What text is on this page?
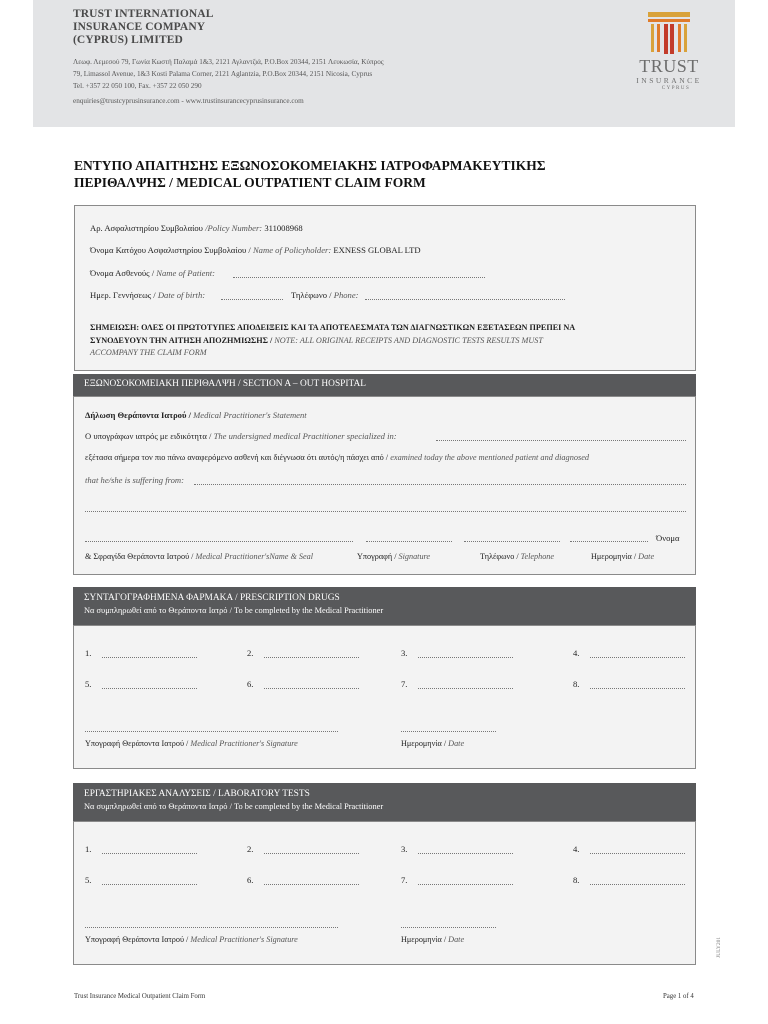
TRUST INTERNATIONAL
INSURANCE COMPANY
(CYPRUS) LIMITED
Λεωφ. Λεμεσού 79, Γωνία Κωστή Παλαμά 1&3, 2121 Αγλαντζιά, P.O.Box 20344, 2151 Λευκωσία, Κύπρος
79, Limassol Avenue, 1&3 Kosti Palama Corner, 2121 Aglantzia, P.O.Box 20344, 2151 Nicosia, Cyprus
Tel. +357 22 050 100, Fax. +357 22 050 290
enquiries@trustcyprusinsurance.com - www.trustinsurancecyprusinsurance.com
TRUST
INSURANCE
CYPRUS
ΕΝΤΥΠΟ ΑΠΑΙΤΗΣΗΣ ΕΞΩΝΟΣΟΚΟΜΕΙΑΚΗΣ ΙΑΤΡΟΦΑΡΜΑΚΕΥΤΙΚΗΣ
ΠΕΡΙΘΑΛΨΗΣ / MEDICAL OUTPATIENT CLAIM FORM
Αρ. Ασφαλιστηρίου Συμβολαίου /Policy Number: 311008968
Όνομα Κατόχου Ασφαλιστηρίου Συμβολαίου / Name of Policyholder: EXNESS GLOBAL LTD
Όνομα Ασθενούς / Name of Patient:
Ημερ. Γεννήσεως / Date of birth:	Τηλέφωνο / Phone:
ΣΗΜΕΙΩΣΗ: ΟΛΕΣ ΟΙ ΠΡΩΤΟΤΥΠΕΣ ΑΠΟΔΕΙΞΕΙΣ ΚΑΙ ΤΑ ΑΠΟΤΕΛΕΣΜΑΤΑ ΤΩΝ ΔΙΑΓΝΩΣΤΙΚΩΝ ΕΞΕΤΑΣΕΩΝ ΠΡΕΠΕΙ ΝΑ
ΣΥΝΟΔΕΥΟΥΝ ΤΗΝ ΑΙΤΗΣΗ ΑΠΟΖΗΜΙΩΣΗΣ / NOTE: ALL ORIGINAL RECEIPTS AND DIAGNOSTIC TESTS RESULTS MUST
ACCOMPANY THE CLAIM FORM
ΕΞΩΝΟΣΟΚΟΜΕΙΑΚΗ ΠΕΡΙΘΑΛΨΗ / SECTION A – OUT HOSPITAL
Δήλωση Θεράποντα Ιατρού / Medical Practitioner's Statement
Ο υπογράφων ιατρός με ειδικότητα / The undersigned medical Practitioner specialized in:
εξέτασα σήμερα τον πιο πάνω αναφερόμενο ασθενή και διέγνωσα ότι αυτός/η πάσχει από / examined today the above mentioned patient and diagnosed
that he/she is suffering from:
Όνομα
& Σφραγίδα Θεράποντα Ιατρού / Medical Practitioner'sName & Seal	Υπογραφή / Signature	Τηλέφωνο / Telephone	Ημερομηνία / Date
ΣΥΝΤΑΓΟΓΡΑΦΗΜΕΝΑ ΦΑΡΜΑΚΑ / PRESCRIPTION DRUGS
Να συμπληρωθεί από το Θεράποντα Ιατρό / To be completed by the Medical Practitioner
1.	2.	3.	4.
5.	6.	7.	8.
Υπογραφή Θεράποντα Ιατρού / Medical Practitioner's Signature	Ημερομηνία / Date
ΕΡΓΑΣΤΗΡΙΑΚΕΣ ΑΝΑΛΥΣΕΙΣ / LABORATORY TESTS
Να συμπληρωθεί από το Θεράποντα Ιατρό / To be completed by the Medical Practitioner
1.	2.	3.	4.
5.	6.	7.	8.
Υπογραφή Θεράποντα Ιατρού / Medical Practitioner's Signature	Ημερομηνία / Date	JULY201
Trust Insurance Medical Outpatient Claim Form	Page 1 of 4
